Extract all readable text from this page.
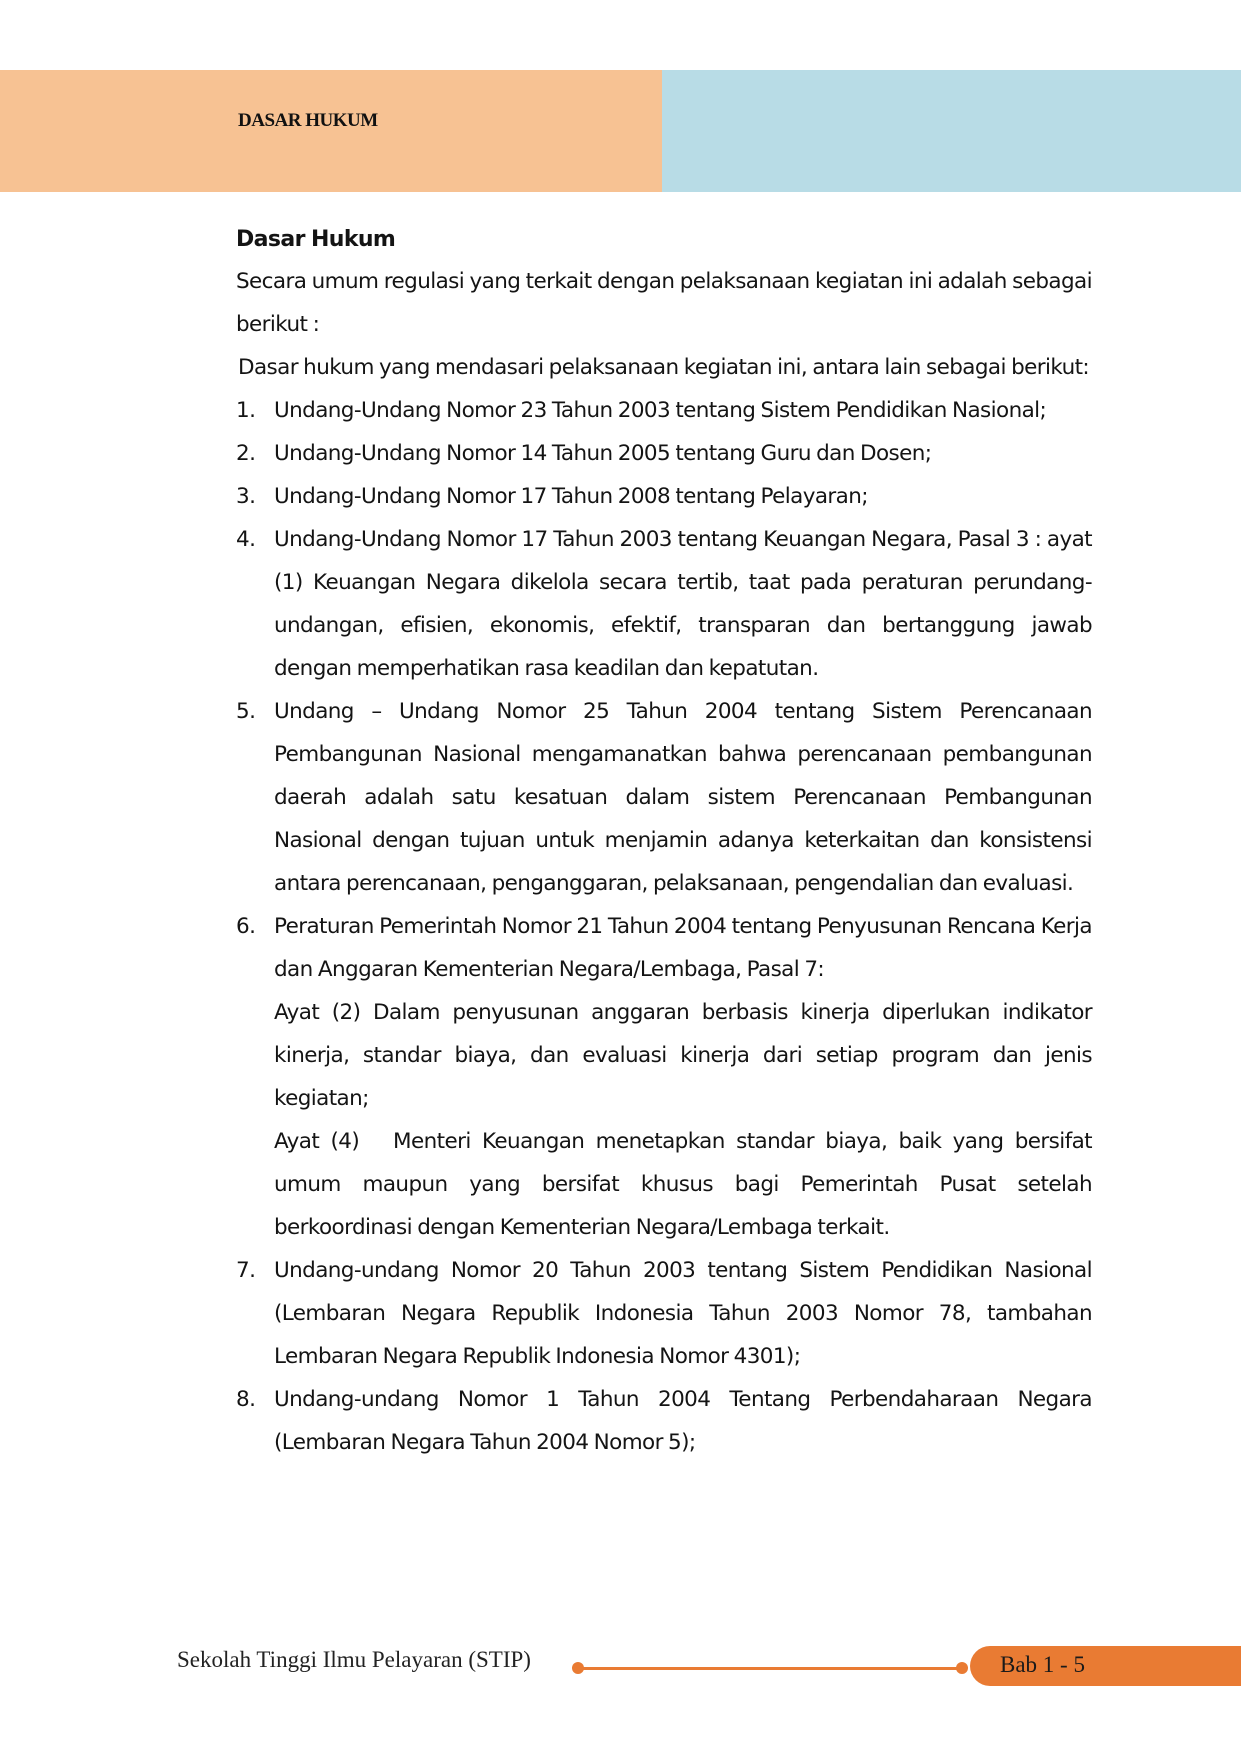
DASAR HUKUM
Dasar Hukum

Secara umum regulasi yang terkait dengan pelaksanaan kegiatan ini adalah sebagai berikut :

Dasar hukum yang mendasari pelaksanaan kegiatan ini, antara lain sebagai berikut:

1. Undang-Undang Nomor 23 Tahun 2003 tentang Sistem Pendidikan Nasional;
2. Undang-Undang Nomor 14 Tahun 2005 tentang Guru dan Dosen;
3. Undang-Undang Nomor 17 Tahun 2008 tentang Pelayaran;
4. Undang-Undang Nomor 17 Tahun 2003 tentang Keuangan Negara, Pasal 3 : ayat (1) Keuangan Negara dikelola secara tertib, taat pada peraturan perundang-undangan, efisien, ekonomis, efektif, transparan dan bertanggung jawab dengan memperhatikan rasa keadilan dan kepatutan.
5. Undang – Undang Nomor 25 Tahun 2004 tentang Sistem Perencanaan Pembangunan Nasional mengamanatkan bahwa perencanaan pembangunan daerah adalah satu kesatuan dalam sistem Perencanaan Pembangunan Nasional dengan tujuan untuk menjamin adanya keterkaitan dan konsistensi antara perencanaan, penganggaran, pelaksanaan, pengendalian dan evaluasi.
6. Peraturan Pemerintah Nomor 21 Tahun 2004 tentang Penyusunan Rencana Kerja dan Anggaran Kementerian Negara/Lembaga, Pasal 7:
Ayat (2) Dalam penyusunan anggaran berbasis kinerja diperlukan indikator kinerja, standar biaya, dan evaluasi kinerja dari setiap program dan jenis kegiatan;
Ayat (4)   Menteri Keuangan menetapkan standar biaya, baik yang bersifat umum maupun yang bersifat khusus bagi Pemerintah Pusat setelah berkoordinasi dengan Kementerian Negara/Lembaga terkait.
7. Undang-undang Nomor 20 Tahun 2003 tentang Sistem Pendidikan Nasional (Lembaran Negara Republik Indonesia Tahun 2003 Nomor 78, tambahan Lembaran Negara Republik Indonesia Nomor 4301);
8. Undang-undang Nomor 1 Tahun 2004 Tentang Perbendaharaan Negara (Lembaran Negara Tahun 2004 Nomor 5);
Sekolah Tinggi Ilmu Pelayaran (STIP)	Bab 1 - 5
